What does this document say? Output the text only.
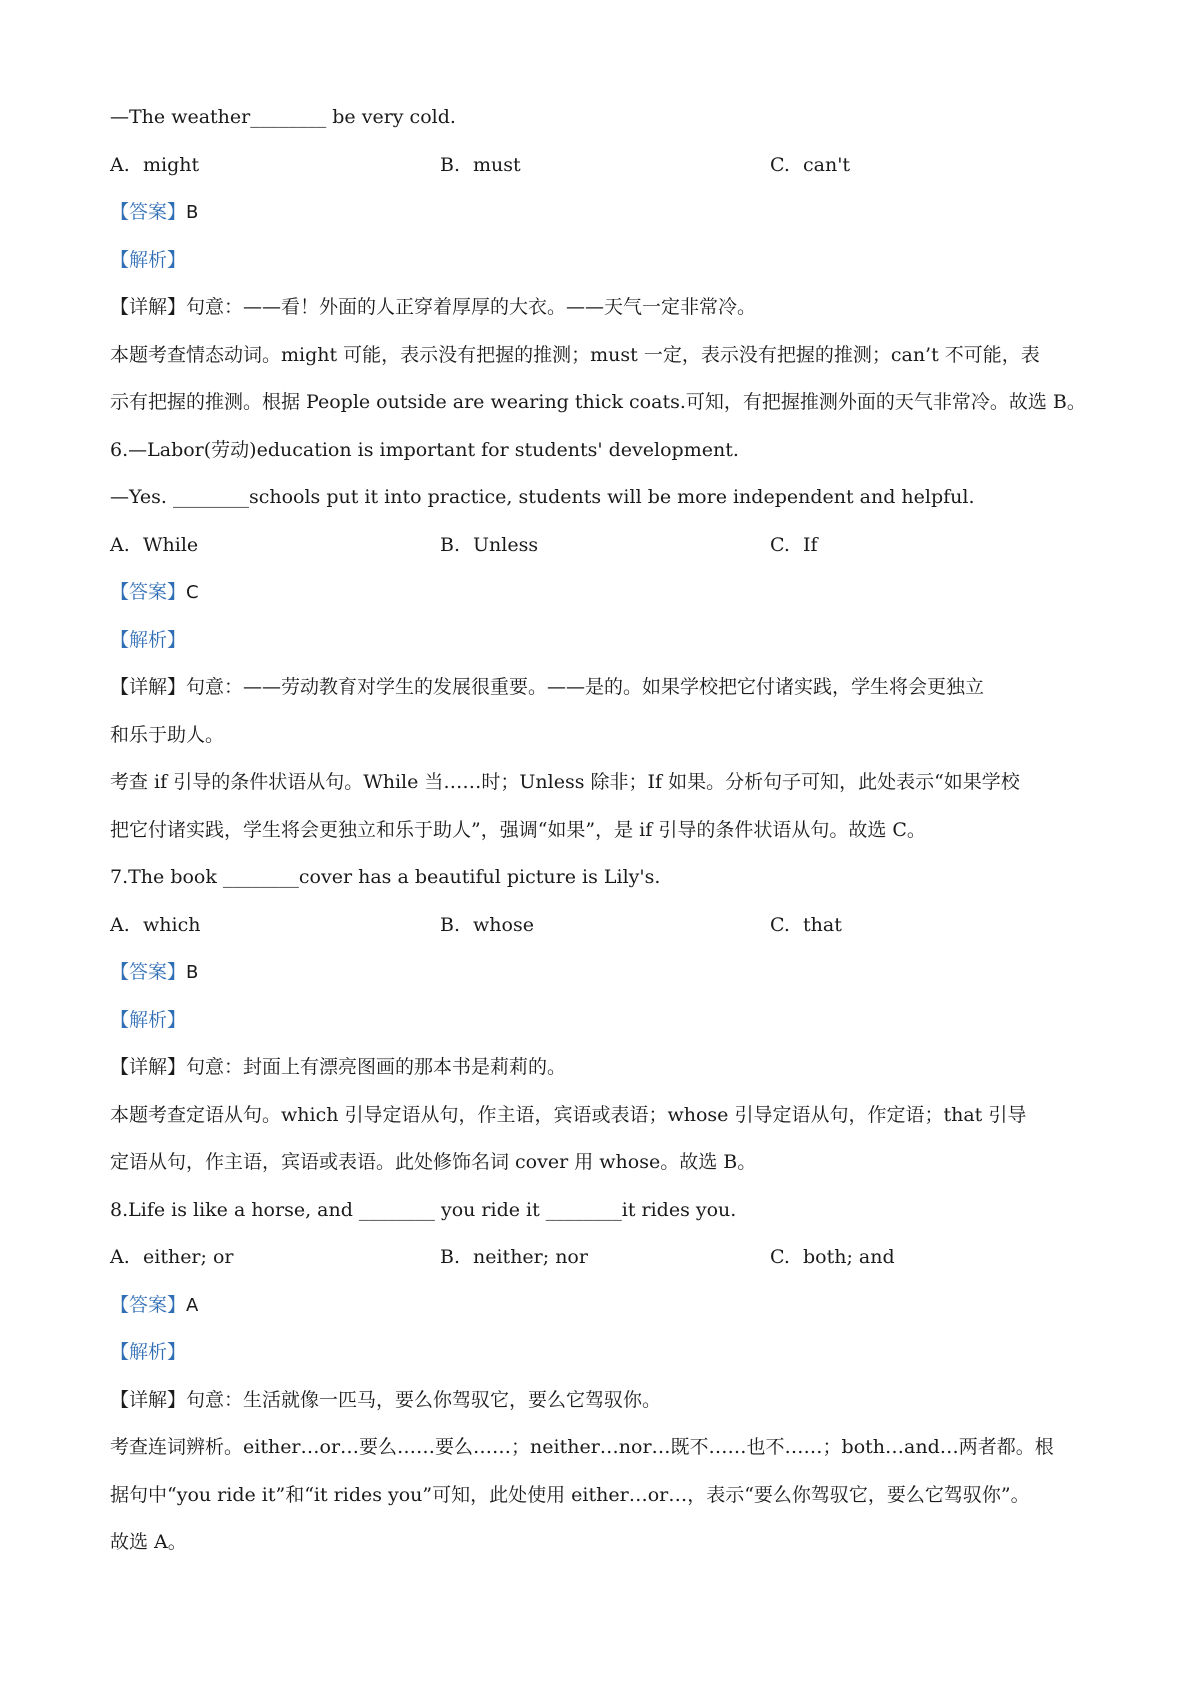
—The weather________ be very cold.
A. might	B. must	C. can't
【答案】B
【解析】
【详解】句意：——看！外面的人正穿着厚厚的大衣。——天气一定非常冷。
本题考查情态动词。might 可能，表示没有把握的推测；must 一定，表示没有把握的推测；can’t 不可能，表
示有把握的推测。根据 People outside are wearing thick coats.可知，有把握推测外面的天气非常冷。故选 B。
6.—Labor(劳动)education is important for students' development.
—Yes. ________schools put it into practice, students will be more independent and helpful.
A. While	B. Unless	C. If
【答案】C
【解析】
【详解】句意：——劳动教育对学生的发展很重要。——是的。如果学校把它付诸实践，学生将会更独立
和乐于助人。
考查 if 引导的条件状语从句。While 当……时；Unless 除非；If 如果。分析句子可知，此处表示“如果学校
把它付诸实践，学生将会更独立和乐于助人”，强调“如果”，是 if 引导的条件状语从句。故选 C。
7.The book ________cover has a beautiful picture is Lily's.
A. which	B. whose	C. that
【答案】B
【解析】
【详解】句意：封面上有漂亮图画的那本书是莉莉的。
本题考查定语从句。which 引导定语从句，作主语，宾语或表语；whose 引导定语从句，作定语；that 引导
定语从句，作主语，宾语或表语。此处修饰名词 cover 用 whose。故选 B。
8.Life is like a horse, and ________ you ride it ________it rides you.
A. either; or	B. neither; nor	C. both; and
【答案】A
【解析】
【详解】句意：生活就像一匹马，要么你驾驭它，要么它驾驭你。
考查连词辨析。either…or…要么……要么……；neither…nor…既不……也不……；both…and…两者都。根
据句中“you ride it”和“it rides you”可知，此处使用 either…or…，表示“要么你驾驭它，要么它驾驭你”。
故选 A。
